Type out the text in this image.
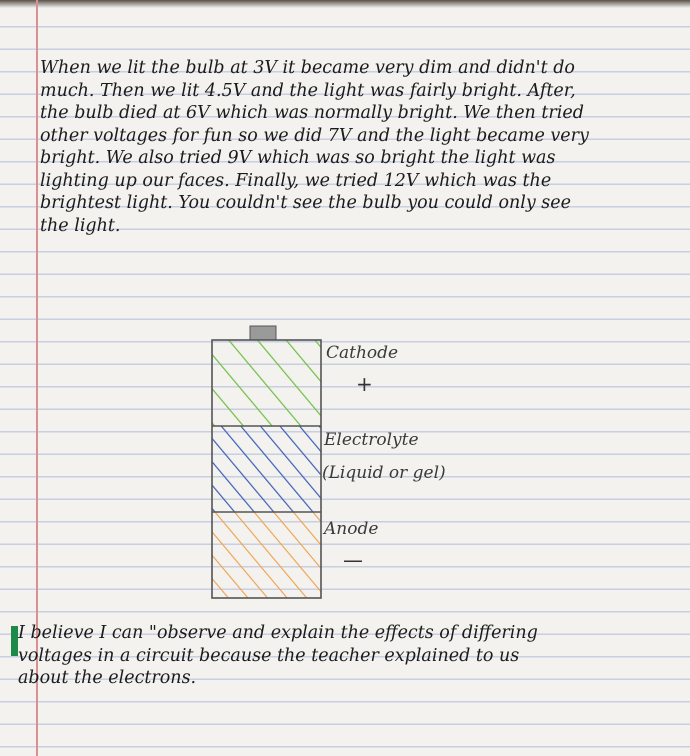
When we lit the bulb at 3V it became very dim and didn't do
much. Then we lit 4.5V and the light was fairly bright. After,
the bulb died at 6V which was normally bright. We then tried
other voltages for fun so we did 7V and the light became very
bright. We also tried 9V which was so bright the light was
lighting up our faces. Finally, we tried 12V which was the
brightest light. You couldn't see the bulb you could only see
the light.
Cathode
+
Electrolyte
(Liquid or gel)
Anode
—
I believe I can "observe and explain the effects of differing
voltages in a circuit because the teacher explained to us
about the electrons.
